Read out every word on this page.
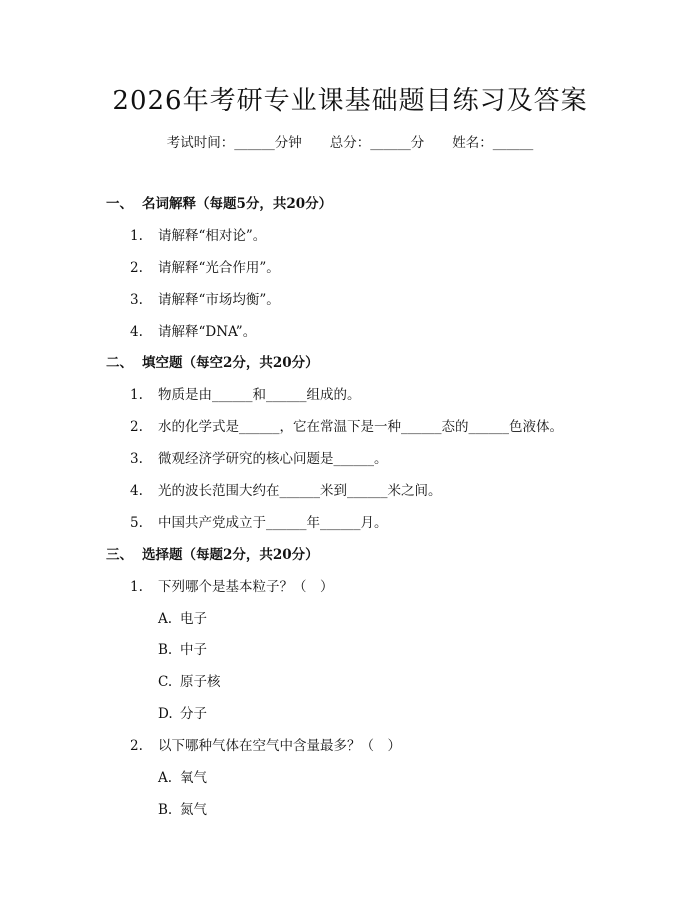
2026年考研专业课基础题目练习及答案
考试时间：______分钟 总分：______分 姓名：______
一、 名词解释（每题5分，共20分）
1. 请解释“相对论”。
2. 请解释“光合作用”。
3. 请解释“市场均衡”。
4. 请解释“DNA”。
二、 填空题（每空2分，共20分）
1. 物质是由______和______组成的。
2. 水的化学式是______，它在常温下是一种______态的______色液体。
3. 微观经济学研究的核心问题是______。
4. 光的波长范围大约在______米到______米之间。
5. 中国共产党成立于______年______月。
三、 选择题（每题2分，共20分）
1. 下列哪个是基本粒子？（　）
A. 电子
B. 中子
C. 原子核
D. 分子
2. 以下哪种气体在空气中含量最多？（　）
A. 氧气
B. 氮气
